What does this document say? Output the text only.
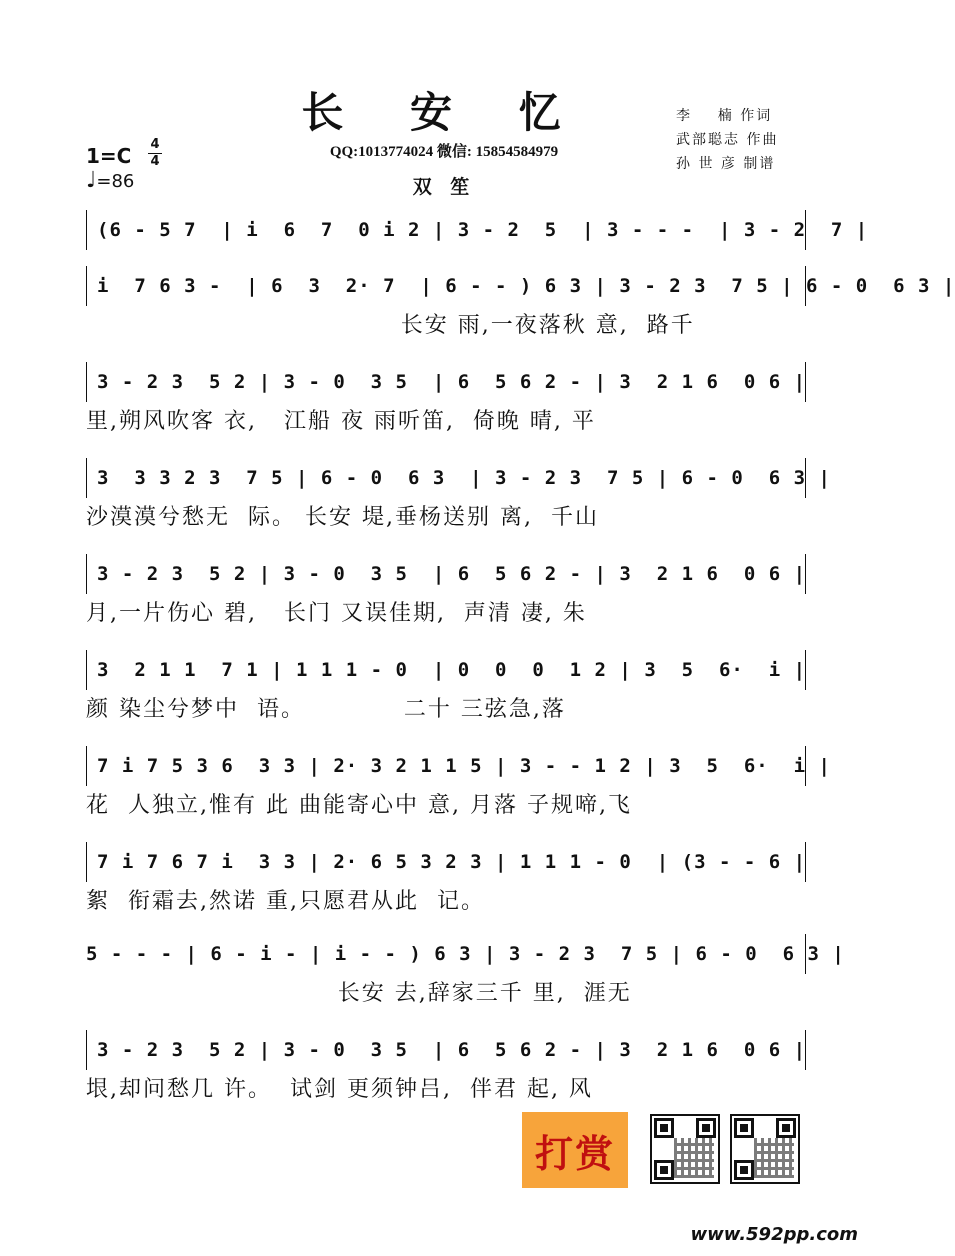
长 安 忆
QQ:1013774024 微信: 15854584979
双 笙
李    楠 作词
武部聪志 作曲
孙 世 彦 制谱
1=C 4
4
♩=86
(6 - 5 7  | i  6  7  0 i 2 | 3 - 2  5  | 3 - - -  | 3 - 2  7 |
i  7 6 3 -  | 6  3  2· 7  | 6 - - ) 6 3 | 3 - 2 3  7 5 | 6 - 0  6 3 |
长安 雨,一夜落秋 意,  路千
3 - 2 3  5 2 | 3 - 0  3 5  | 6  5 6 2 - | 3  2 1 6  0 6 |
里,朔风吹客 衣,   江船 夜 雨听笛,  倚晚 晴, 平
3  3 3 2 3  7 5 | 6 - 0  6 3  | 3 - 2 3  7 5 | 6 - 0  6 3 |
沙漠漠兮愁无  际。 长安 堤,垂杨送别 离,  千山
3 - 2 3  5 2 | 3 - 0  3 5  | 6  5 6 2 - | 3  2 1 6  0 6 |
月,一片伤心 碧,   长门 又误佳期,  声清 凄, 朱
3  2 1 1  7 1 | 1 1 1 - 0  | 0  0  0  1 2 | 3  5  6·  i |
颜 染尘兮梦中  语。           二十 三弦急,落
7 i 7 5 3 6  3 3 | 2· 3 2 1 1 5 | 3 - - 1 2 | 3  5  6·  i |
花  人独立,惟有 此 曲能寄心中 意, 月落 子规啼,飞
7 i 7 6 7 i  3 3 | 2· 6 5 3 2 3 | 1 1 1 - 0  | (3 - - 6 |
絮  衔霜去,然诺 重,只愿君从此  记。
5 - - - | 6 - i - | i - - ) 6 3 | 3 - 2 3  7 5 | 6 - 0  6 3 |
长安 去,辞家三千 里,  涯无
3 - 2 3  5 2 | 3 - 0  3 5  | 6  5 6 2 - | 3  2 1 6  0 6 |
垠,却问愁几 许。  试剑 更须钟吕,  伴君 起, 风
打赏
www.592pp.com
